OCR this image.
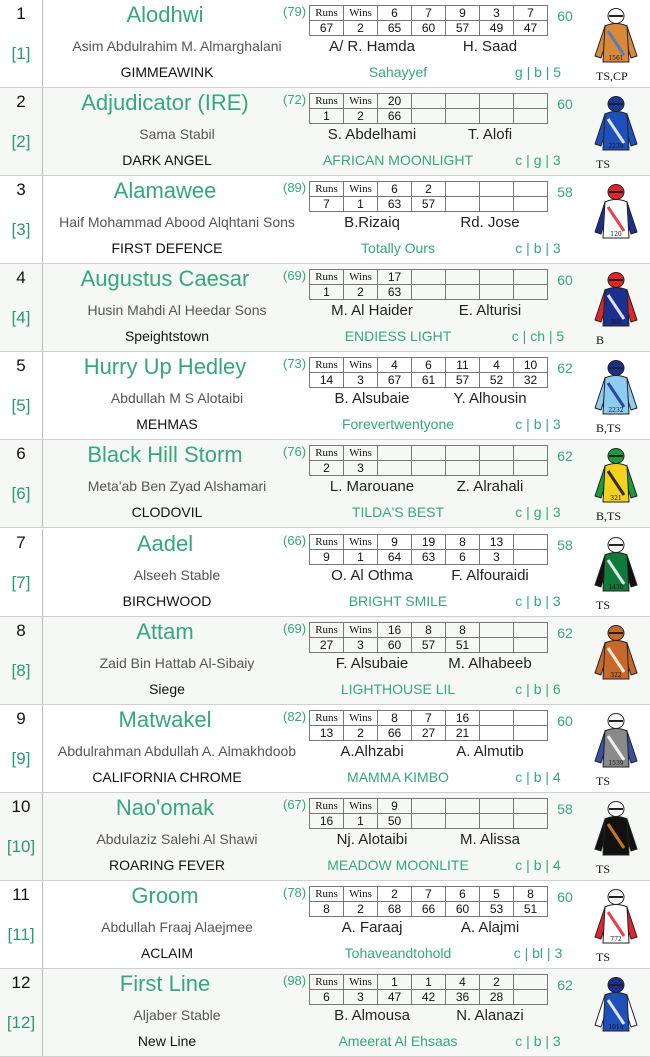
1
[1]
Alodhwi	(79) Runs	Wins	6	7	9	3	7
67	2	65	60	57	49	47
60
Asim Abdulrahim M. Almarghalani	A/ R. Hamda	H. Saad
GIMMEAWINK	Sahayyef	g | b | 5
1561
TS,CP
2
[2]
Adjudicator (IRE)	(72) Runs	Wins	20				
1	2	66				
60
Sama Stabil	S. Abdelhami	T. Alofi
DARK ANGEL	AFRICAN MOONLIGHT	c | g | 3
2239
TS
3
[3]
Alamawee	(89) Runs	Wins	6	2			
7	1	63	57			
58
Haif Mohammad Abood Alqhtani Sons	B.Rizaiq	Rd. Jose
FIRST DEFENCE	Totally Ours	c | b | 3
120
4
[4]
Augustus Caesar	(69) Runs	Wins	17				
1	2	63				
60
Husin Mahdi Al Heedar Sons	M. Al Haider	E. Alturisi
Speightstown	ENDIESS LIGHT	c | ch | 5
365
B
5
[5]
Hurry Up Hedley	(73) Runs	Wins	4	6	11	4	10
14	3	67	61	57	52	32
62
Abdullah M S Alotaibi	B. Alsubaie	Y. Alhousin
MEHMAS	Forevertwentyone	c | b | 3
2232
B,TS
6
[6]
Black Hill Storm	(76) Runs	Wins					
2	3					
62
Meta'ab Ben Zyad Alshamari	L. Marouane	Z. Alrahali
CLODOVIL	TILDA'S BEST	c | g | 3
321
B,TS
7
[7]
Aadel	(66) Runs	Wins	9	19	8	13	
9	1	64	63	6	3	
58
Alseeh Stable	O. Al Othma	F. Alfouraidi
BIRCHWOOD	BRIGHT SMILE	c | b | 3
1430
TS
8
[8]
Attam	(69) Runs	Wins	16	8	8		
27	3	60	57	51		
62
Zaid Bin Hattab Al-Sibaiy	F. Alsubaie	M. Alhabeeb
Siege	LIGHTHOUSE LIL	c | b | 6
322
9
[9]
Matwakel	(82) Runs	Wins	8	7	16		
13	2	66	27	21		
60
Abdulrahman Abdullah A. Almakhdoob	A.Alhzabi	A. Almutib
CALIFORNIA CHROME	MAMMA KIMBO	c | b | 4
1539
TS
10
[10]
Nao'omak	(67) Runs	Wins	9				
16	1	50				
58
Abdulaziz Salehi Al Shawi	Nj. Alotaibi	M. Alissa
ROARING FEVER	MEADOW MOONLITE	c | b | 4
1935
TS
11
[11]
Groom	(78) Runs	Wins	2	7	6	5	8
8	2	68	66	60	53	51
60
Abdullah Fraaj Alaejmee	A. Faraaj	A. Alajmi
ACLAIM	Tohaveandtohold	c | bl | 3
772
TS
12
[12]
First Line	(98) Runs	Wins	1	1	4	2	
6	3	47	42	36	28	
62
Aljaber Stable	B. Almousa	N. Alanazi
New Line	Ameerat Al Ehsaas	c | b | 3
1014
